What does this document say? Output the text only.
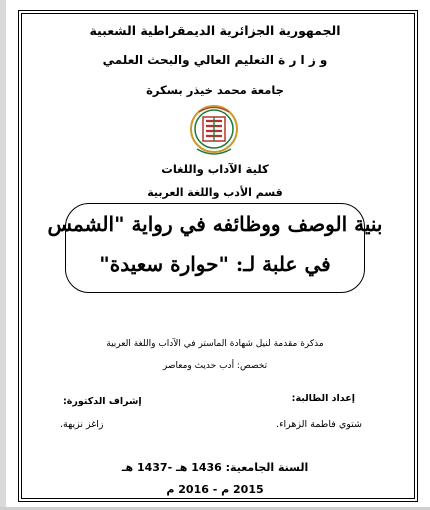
الجمهورية الجزائرية الديمقراطية الشعبية
و ز ا ر ة التعليم العالي والبحث العلمي
جامعة محمد خيذر بسكرة
كلية الآداب واللغات
قسم الأدب واللغة العربية
بنية الوصف ووظائفه في رواية "الشمس
في علبة لـ: "حوارة سعيدة"
مذكرة مقدمة لنيل شهادة الماستر في الآداب واللغة العربية
تخصص: أدب حديث ومعاصر
إشراف الدكتورة:	إعداد الطالبة:
زاغز نزيهة.	شتوي فاطمة الزهراء.
السنة الجامعية: 1436 هـ -1437 هـ
2015 م - 2016 م
